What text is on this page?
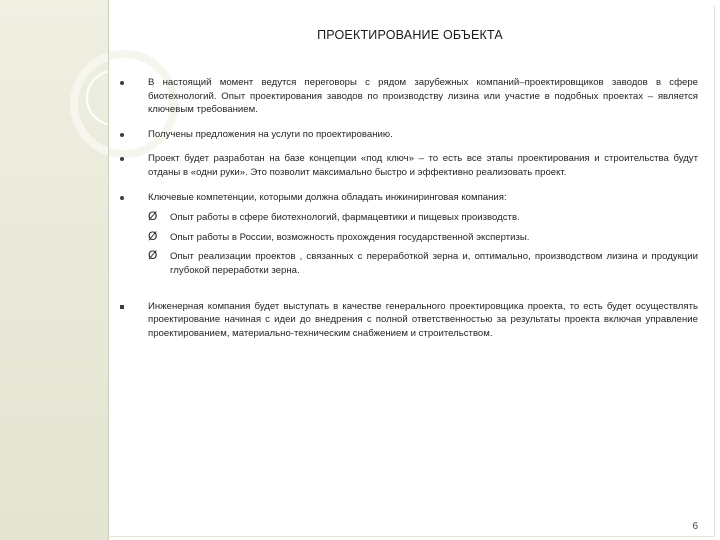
ПРОЕКТИРОВАНИЕ ОБЪЕКТА
В настоящий момент ведутся переговоры с рядом зарубежных компаний–проектировщиков заводов в сфере биотехнологий. Опыт проектирования заводов по производству лизина или участие в подобных проектах – является ключевым требованием.
Получены предложения на услуги по проектированию.
Проект будет разработан на базе концепции «под ключ» – то есть все этапы проектирования и строительства будут отданы в «одни руки». Это позволит максимально быстро и эффективно реализовать проект.
Ключевые компетенции, которыми должна обладать инжиниринговая компания:
Ø Опыт работы в сфере биотехнологий, фармацевтики и пищевых производств.
Ø Опыт работы в России, возможность прохождения государственной экспертизы.
Ø Опыт реализации проектов , связанных с переработкой зерна и, оптимально, производством лизина и продукции глубокой переработки зерна.
Инженерная компания будет выступать в качестве генерального проектировщика проекта, то есть будет осуществлять проектирование начиная с идеи до внедрения с полной ответственностью за результаты проекта включая управление проектированием, материально-техническим снабжением и строительством.
6
